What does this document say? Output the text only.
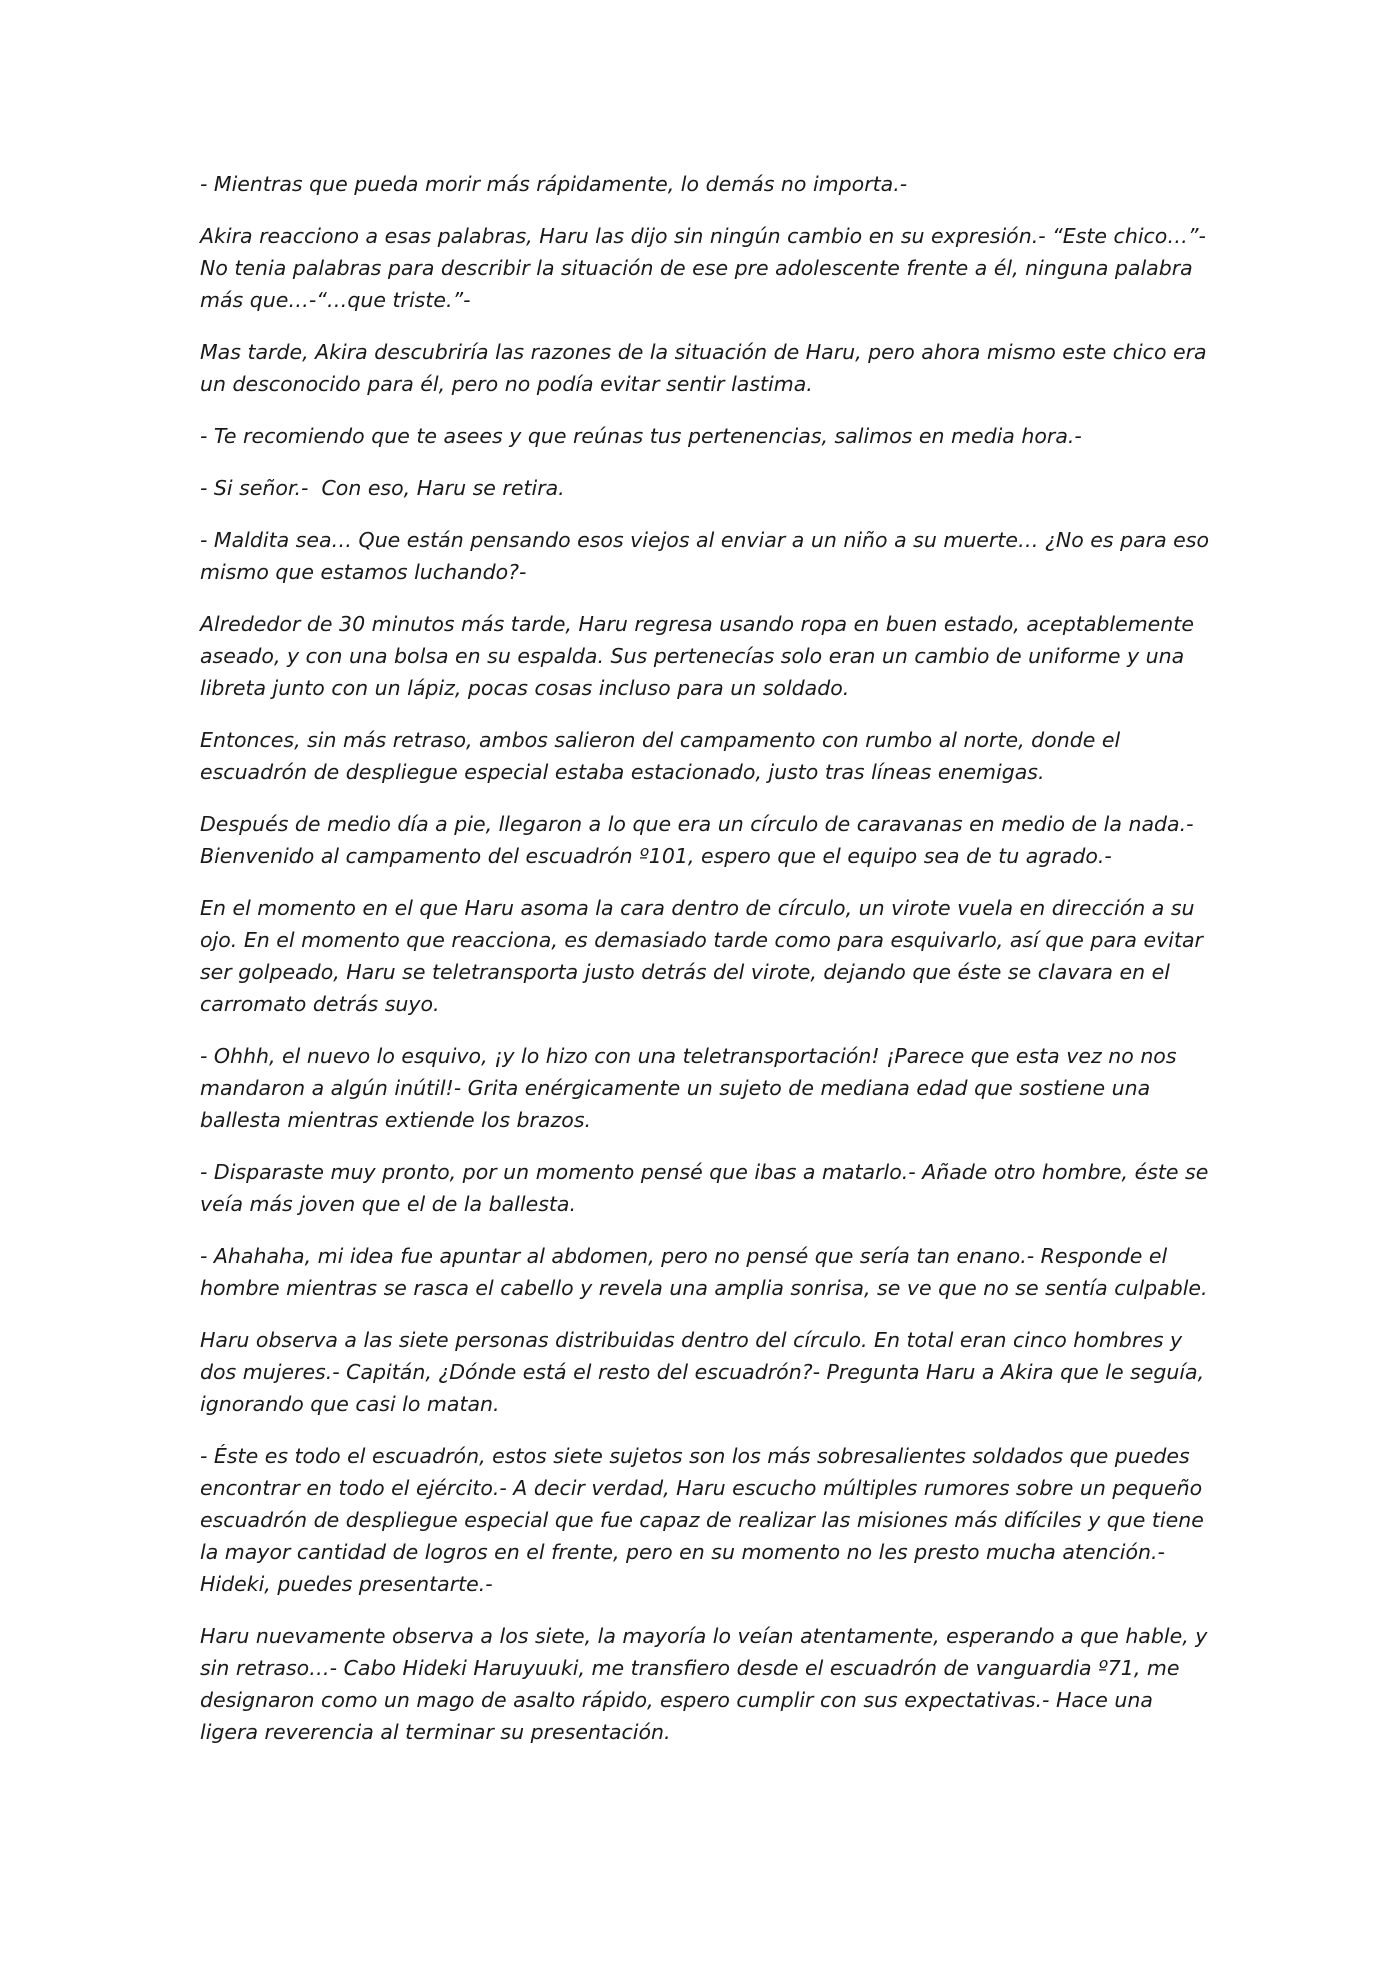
- Mientras que pueda morir más rápidamente, lo demás no importa.-

Akira reacciono a esas palabras, Haru las dijo sin ningún cambio en su expresión.- “Este chico…”- No tenia palabras para describir la situación de ese pre adolescente frente a él, ninguna palabra más que…-“…que triste.”-

Mas tarde, Akira descubriría las razones de la situación de Haru, pero ahora mismo este chico era un desconocido para él, pero no podía evitar sentir lastima.

- Te recomiendo que te asees y que reúnas tus pertenencias, salimos en media hora.-

- Si señor.-  Con eso, Haru se retira.

- Maldita sea… Que están pensando esos viejos al enviar a un niño a su muerte… ¿No es para eso mismo que estamos luchando?-

Alrededor de 30 minutos más tarde, Haru regresa usando ropa en buen estado, aceptablemente aseado, y con una bolsa en su espalda. Sus pertenecías solo eran un cambio de uniforme y una libreta junto con un lápiz, pocas cosas incluso para un soldado.

Entonces, sin más retraso, ambos salieron del campamento con rumbo al norte, donde el escuadrón de despliegue especial estaba estacionado, justo tras líneas enemigas.

Después de medio día a pie, llegaron a lo que era un círculo de caravanas en medio de la nada.- Bienvenido al campamento del escuadrón º101, espero que el equipo sea de tu agrado.-

En el momento en el que Haru asoma la cara dentro de círculo, un virote vuela en dirección a su ojo. En el momento que reacciona, es demasiado tarde como para esquivarlo, así que para evitar ser golpeado, Haru se teletransporta justo detrás del virote, dejando que éste se clavara en el carromato detrás suyo.

- Ohhh, el nuevo lo esquivo, ¡y lo hizo con una teletransportación! ¡Parece que esta vez no nos mandaron a algún inútil!- Grita enérgicamente un sujeto de mediana edad que sostiene una ballesta mientras extiende los brazos.

- Disparaste muy pronto, por un momento pensé que ibas a matarlo.- Añade otro hombre, éste se veía más joven que el de la ballesta.

- Ahahaha, mi idea fue apuntar al abdomen, pero no pensé que sería tan enano.- Responde el hombre mientras se rasca el cabello y revela una amplia sonrisa, se ve que no se sentía culpable.

Haru observa a las siete personas distribuidas dentro del círculo. En total eran cinco hombres y dos mujeres.- Capitán, ¿Dónde está el resto del escuadrón?- Pregunta Haru a Akira que le seguía, ignorando que casi lo matan.

- Éste es todo el escuadrón, estos siete sujetos son los más sobresalientes soldados que puedes encontrar en todo el ejército.- A decir verdad, Haru escucho múltiples rumores sobre un pequeño escuadrón de despliegue especial que fue capaz de realizar las misiones más difíciles y que tiene la mayor cantidad de logros en el frente, pero en su momento no les presto mucha atención.- Hideki, puedes presentarte.-

Haru nuevamente observa a los siete, la mayoría lo veían atentamente, esperando a que hable, y sin retraso…- Cabo Hideki Haruyuuki, me transfiero desde el escuadrón de vanguardia º71, me designaron como un mago de asalto rápido, espero cumplir con sus expectativas.- Hace una ligera reverencia al terminar su presentación.
